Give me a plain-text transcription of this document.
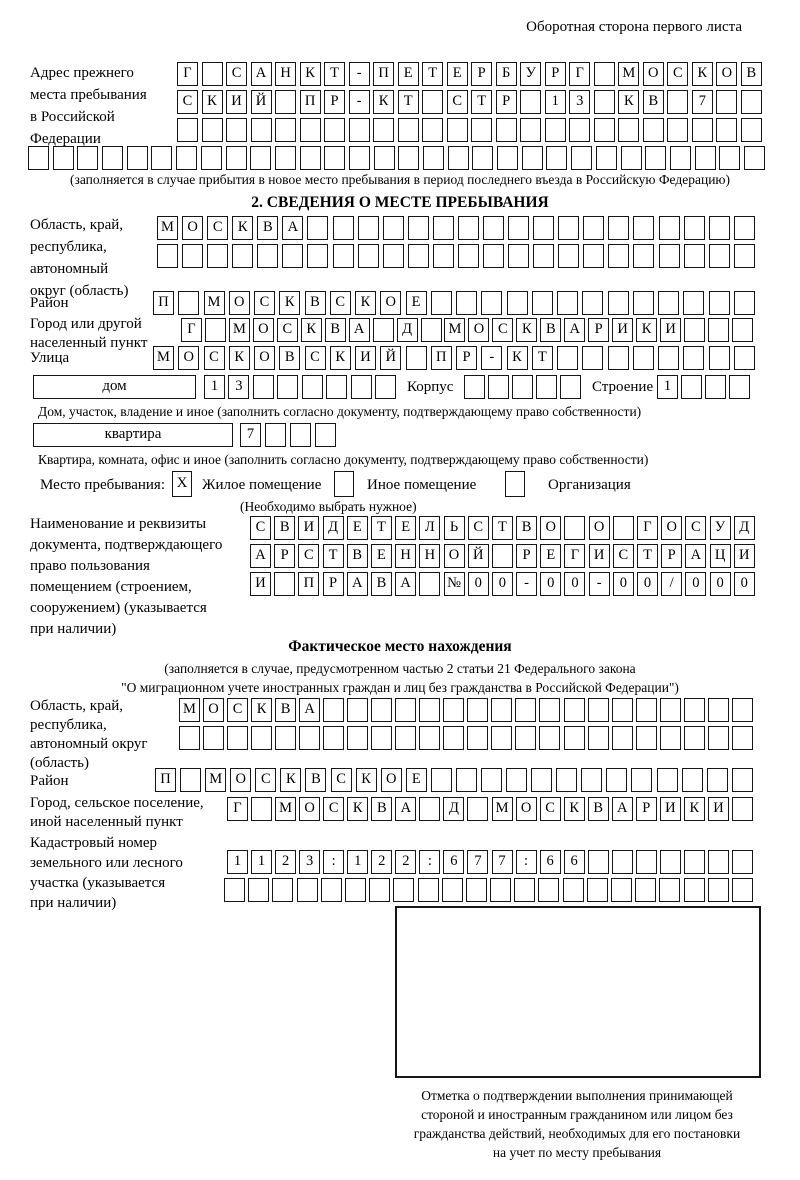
Оборотная сторона первого листа
Адрес прежнего
места пребывания
в Российской
Федерации
Г	С А Н К	Т	-	П	Е	Т	Е	Р	Б	У	Р	Г	М О С	К О В
С	К И Й	П	Р	-	К	Т	С	Т	Р	1	3	К	В	7
(заполняется в случае прибытия в новое место пребывания в период последнего въезда в Российскую Федерацию)
2. СВЕДЕНИЯ О МЕСТЕ ПРЕБЫВАНИЯ
Область, край,
республика,
автономный
округ (область)
М О	С	К	В	А
Район	П	М О	С	К	В	С	К	О	Е
Город или другой
населенный пункт
Г	М О С К В А	Д	М О С К В А	Р	И К И
Улица	М О	С	К	О	В	С	К	И	Й	П	Р	-	К	Т
дом	1	3	Корпус	Строение 1
Дом, участок, владение и иное (заполнить согласно документу, подтверждающему право собственности)
квартира	7
Квартира, комната, офис и иное (заполнить согласно документу, подтверждающему право собственности)
Место пребывания: X Жилое помещение	Иное помещение	Организация
(Необходимо выбрать нужное)
Наименование и реквизиты
документа, подтверждающего
право пользования
помещением (строением,
сооружением) (указывается
при наличии)
С	В И Д	Е	Т	Е	Л	Ь	С	Т	В О	О	Г	О С У Д
А	Р	С	Т	В	Е	Н Н О Й	Р	Е	Г	И С	Т	Р	А Ц И
И	П	Р	А В А	№ 0	0	-	0	0	-	0	0	/	0	0	0
Фактическое место нахождения
(заполняется в случае, предусмотренном частью 2 статьи 21 Федерального закона
"О миграционном учете иностранных граждан и лиц без гражданства в Российской Федерации")
Область, край,
республика,
автономный округ
(область)
М О С К В А
Район	П	М О	С	К	В	С	К	О	Е
Город, сельское поселение,
иной населенный пункт
Г	М О С К В А	Д	М О С К В А	Р	И К И
Кадастровый номер
земельного или лесного
участка (указывается
при наличии)
1	1	2	3	:	1	2	2	:	6	7	7	:	6	6
Отметка о подтверждении выполнения принимающей
стороной и иностранным гражданином или лицом без
гражданства действий, необходимых для его постановки
на учет по месту пребывания
